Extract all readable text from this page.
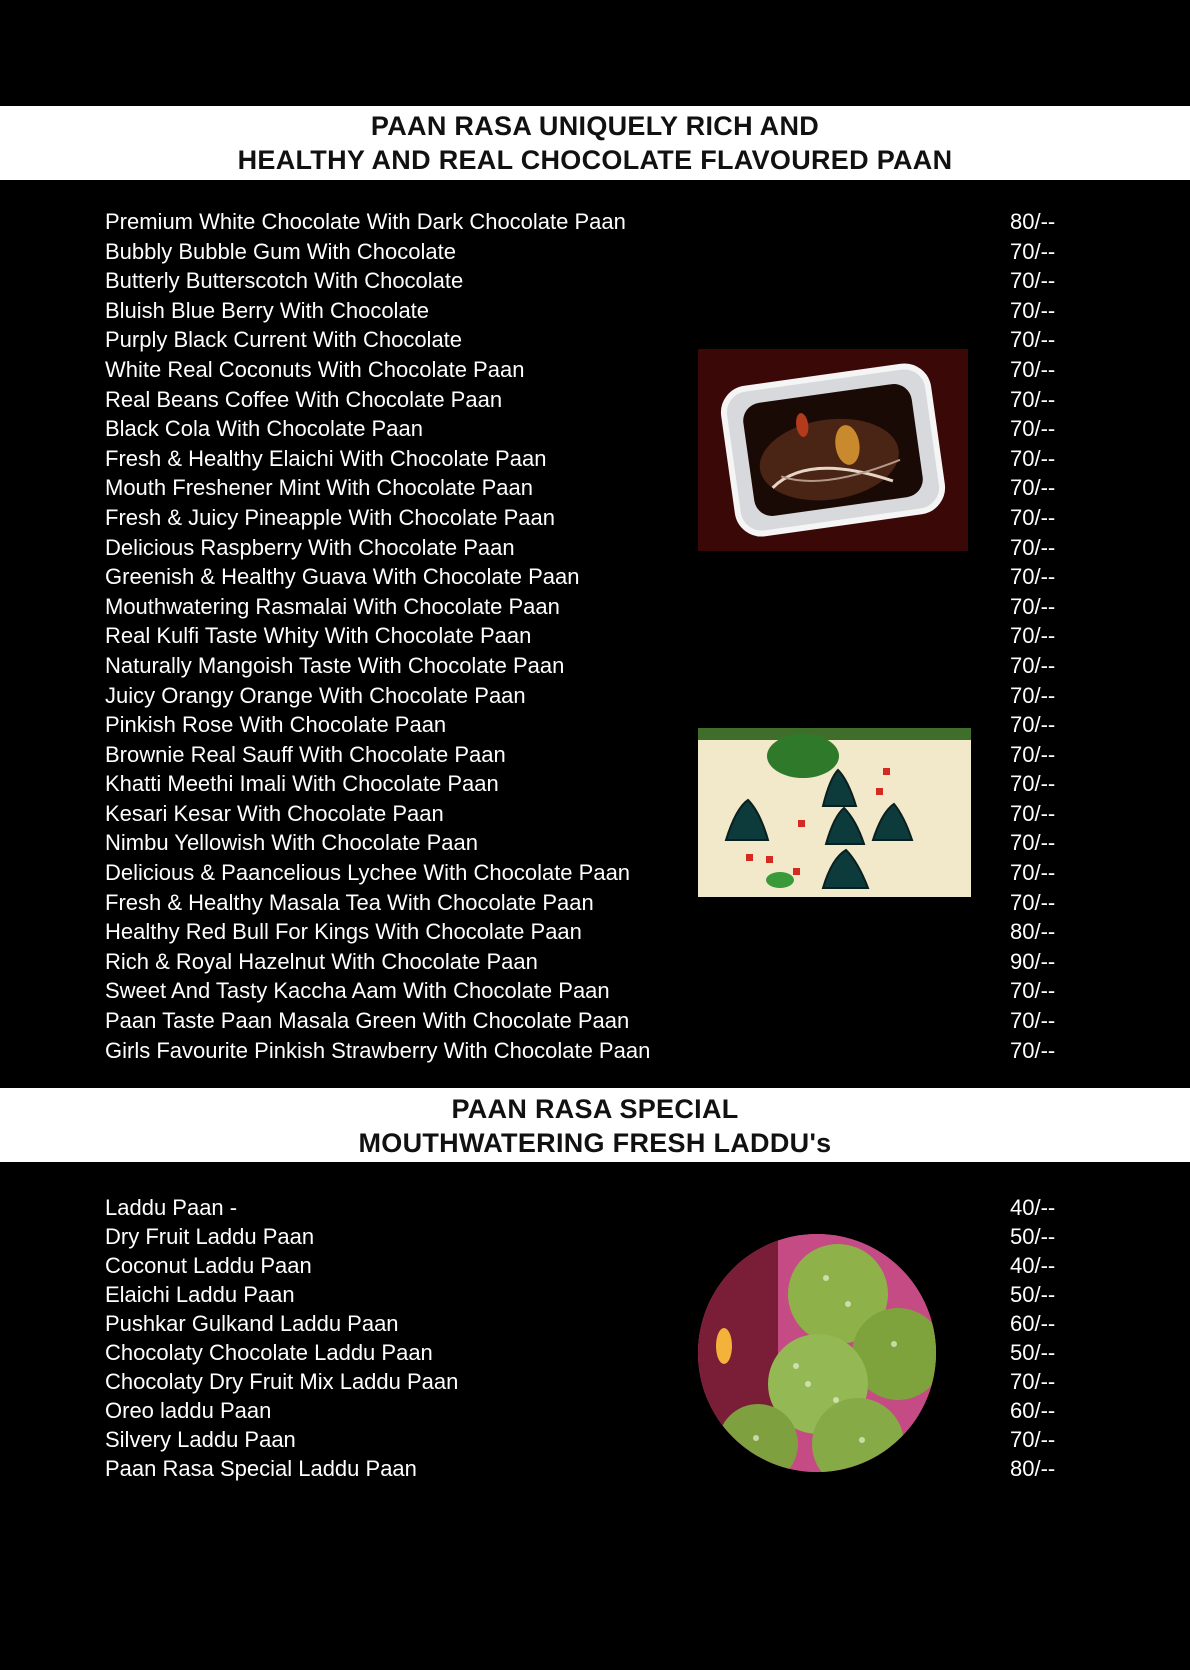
PAAN RASA UNIQUELY RICH AND
HEALTHY AND REAL CHOCOLATE FLAVOURED PAAN
Premium White Chocolate With Dark Chocolate Paan	80/--
Bubbly Bubble Gum With Chocolate	70/--
Butterly Butterscotch With Chocolate	70/--
Bluish Blue Berry With Chocolate	70/--
Purply Black Current With Chocolate	70/--
White Real Coconuts With Chocolate Paan	70/--
Real Beans Coffee With Chocolate Paan	70/--
Black Cola With Chocolate Paan	70/--
Fresh & Healthy Elaichi With Chocolate Paan	70/--
Mouth Freshener Mint With Chocolate Paan	70/--
Fresh & Juicy Pineapple With Chocolate Paan	70/--
Delicious Raspberry With Chocolate Paan	70/--
Greenish & Healthy Guava With Chocolate Paan	70/--
Mouthwatering Rasmalai With Chocolate Paan	70/--
Real Kulfi Taste Whity With Chocolate Paan	70/--
Naturally Mangoish Taste With Chocolate Paan	70/--
Juicy Orangy Orange With Chocolate Paan	70/--
Pinkish Rose With Chocolate Paan	70/--
Brownie Real Sauff With Chocolate Paan	70/--
Khatti Meethi Imali With Chocolate Paan	70/--
Kesari Kesar With Chocolate Paan	70/--
Nimbu Yellowish With Chocolate Paan	70/--
Delicious & Paancelious Lychee With Chocolate Paan	70/--
Fresh & Healthy Masala Tea With Chocolate Paan	70/--
Healthy Red Bull For Kings With Chocolate Paan	80/--
Rich & Royal Hazelnut With Chocolate Paan	90/--
Sweet And Tasty Kaccha Aam With Chocolate Paan	70/--
Paan Taste Paan Masala Green With Chocolate Paan	70/--
Girls Favourite Pinkish Strawberry With Chocolate Paan	70/--
PAAN RASA SPECIAL
MOUTHWATERING FRESH LADDU's
Laddu Paan -	40/--
Dry Fruit Laddu Paan	50/--
Coconut Laddu Paan	40/--
Elaichi Laddu Paan	50/--
Pushkar Gulkand Laddu Paan	60/--
Chocolaty Chocolate Laddu Paan	50/--
Chocolaty Dry Fruit Mix Laddu Paan	70/--
Oreo laddu Paan	60/--
Silvery Laddu Paan	70/--
Paan Rasa Special Laddu Paan	80/--
